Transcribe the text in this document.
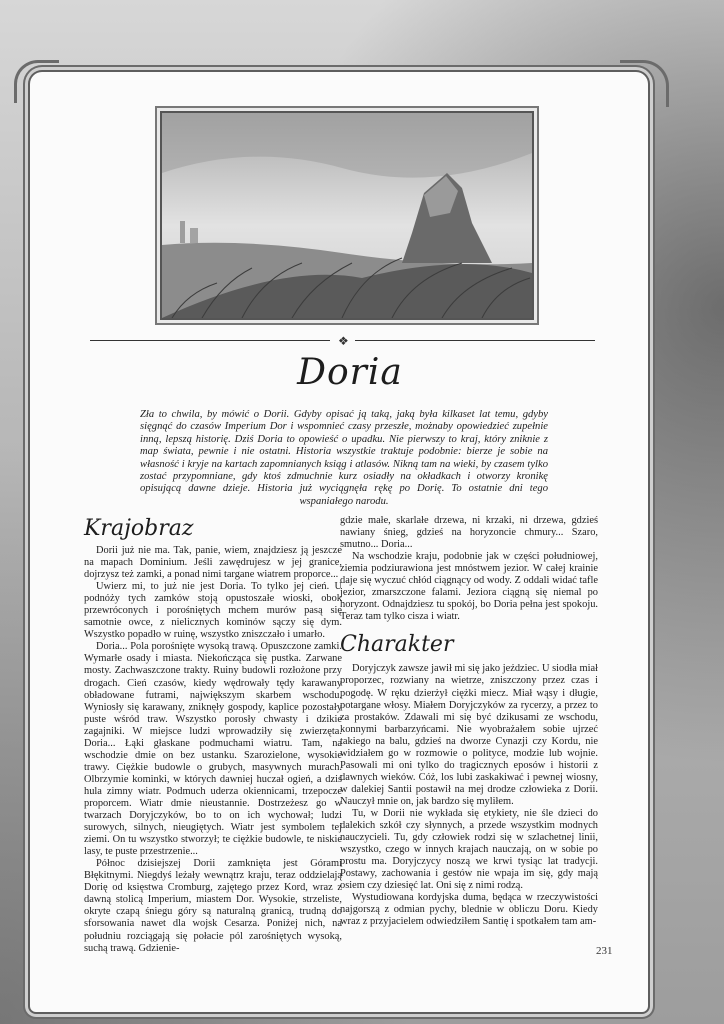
❖
Doria
Zła to chwila, by mówić o Dorii. Gdyby opisać ją taką, jaką była kilkaset lat temu, gdyby sięgnąć do czasów Imperium Dor i wspomnieć czasy przeszłe, możnaby opowiedzieć zupełnie inną, lepszą historię. Dziś Doria to opowieść o upadku. Nie pierwszy to kraj, który zniknie z map świata, pewnie i nie ostatni. Historia wszystkie traktuje podobnie: bierze je sobie na własność i kryje na kartach zapomnianych ksiąg i atlasów. Nikną tam na wieki, by czasem tylko zostać przypomniane, gdy ktoś zdmuchnie kurz osiadły na okładkach i otworzy kronikę opisującą dawne dzieje. Historia już wyciągnęła rękę po Dorię. To ostatnie dni tego wspaniałego narodu.
Krajobraz

Dorii już nie ma. Tak, panie, wiem, znajdziesz ją jeszcze na mapach Dominium. Jeśli zawędrujesz w jej granice, dojrzysz też zamki, a ponad nimi targane wiatrem proporce...

Uwierz mi, to już nie jest Doria. To tylko jej cień. U podnóży tych zamków stoją opustoszałe wioski, obok przewróconych i porośniętych mchem murów pasą się samotnie owce, z nielicznych kominów sączy się dym. Wszystko popadło w ruinę, wszystko zniszczało i umarło.

Doria... Pola porośnięte wysoką trawą. Opuszczone zamki. Wymarłe osady i miasta. Niekończąca się pustka. Zarwane mosty. Zachwaszczone trakty. Ruiny budowli rozłożone przy drogach. Cień czasów, kiedy wędrowały tędy karawany obładowane futrami, największym skarbem wschodu. Wyniosły się karawany, zniknęły gospody, kaplice pozostały puste wśród traw. Wszystko porosły chwasty i dzikie zagajniki. W miejsce ludzi wprowadziły się zwierzęta. Doria... Łąki głaskane podmuchami wiatru. Tam, na wschodzie dmie on bez ustanku. Szarozielone, wysokie trawy. Ciężkie budowle o grubych, masywnych murach. Olbrzymie kominki, w których dawniej huczał ogień, a dziś hula zimny wiatr. Podmuch uderza okiennicami, trzepocze proporcem. Wiatr dmie nieustannie. Dostrzeżesz go w twarzach Doryjczyków, bo to on ich wychował; ludzi surowych, silnych, nieugiętych. Wiatr jest symbolem tej ziemi. On tu wszystko stworzył; te ciężkie budowle, te niskie lasy, te puste przestrzenie...

Północ dzisiejszej Dorii zamknięta jest Górami Błękitnymi. Niegdyś leżały wewnątrz kraju, teraz oddzielają Dorię od księstwa Cromburg, zajętego przez Kord, wraz z dawną stolicą Imperium, miastem Dor. Wysokie, strzeliste, okryte czapą śniegu góry są naturalną granicą, trudną do sforsowania nawet dla wojsk Cesarza. Poniżej nich, na południu rozciągają się połacie pól zarośniętych wysoką, suchą trawą. Gdzienie-

gdzie małe, skarlałe drzewa, ni krzaki, ni drzewa, gdzieś nawiany śnieg, gdzieś na horyzoncie chmury... Szaro, smutno... Doria...

Na wschodzie kraju, podobnie jak w części południowej, ziemia podziurawiona jest mnóstwem jezior. W całej krainie daje się wyczuć chłód ciągnący od wody. Z oddali widać tafle jezior, zmarszczone falami. Jeziora ciągną się niemal po horyzont. Odnajdziesz tu spokój, bo Doria pełna jest spokoju. Teraz tam tylko cisza i wiatr.

Charakter

Doryjczyk zawsze jawił mi się jako jeździec. U siodła miał proporzec, rozwiany na wietrze, zniszczony przez czas i pogodę. W ręku dzierżył ciężki miecz. Miał wąsy i długie, potargane włosy. Miałem Doryjczyków za rycerzy, a przez to za prostaków. Zdawali mi się być dzikusami ze wschodu, konnymi barbarzyńcami. Nie wyobrażałem sobie ujrzeć takiego na balu, gdzieś na dworze Cynazji czy Kordu, nie widziałem go w rozmowie o polityce, modzie lub wojnie. Pasowali mi oni tylko do tragicznych eposów i historii z dawnych wieków. Cóż, los lubi zaskakiwać i pewnej wiosny, w dalekiej Santii postawił na mej drodze człowieka z Dorii. Nauczył mnie on, jak bardzo się myliłem.

Tu, w Dorii nie wykłada się etykiety, nie śle dzieci do dalekich szkół czy słynnych, a przede wszystkim modnych nauczycieli. Tu, gdy człowiek rodzi się w szlachetnej linii, wszystko, czego w innych krajach nauczają, on w sobie po prostu ma. Doryjczycy noszą we krwi tysiąc lat tradycji. Postawy, zachowania i gestów nie wpaja im się, gdy mają osiem czy dziesięć lat. Oni się z nimi rodzą.

Wystudiowana kordyjska duma, będąca w rzeczywistości najgorszą z odmian pychy, blednie w obliczu Doru. Kiedy wraz z przyjacielem odwiedziłem Santię i spotkałem tam am-

231
